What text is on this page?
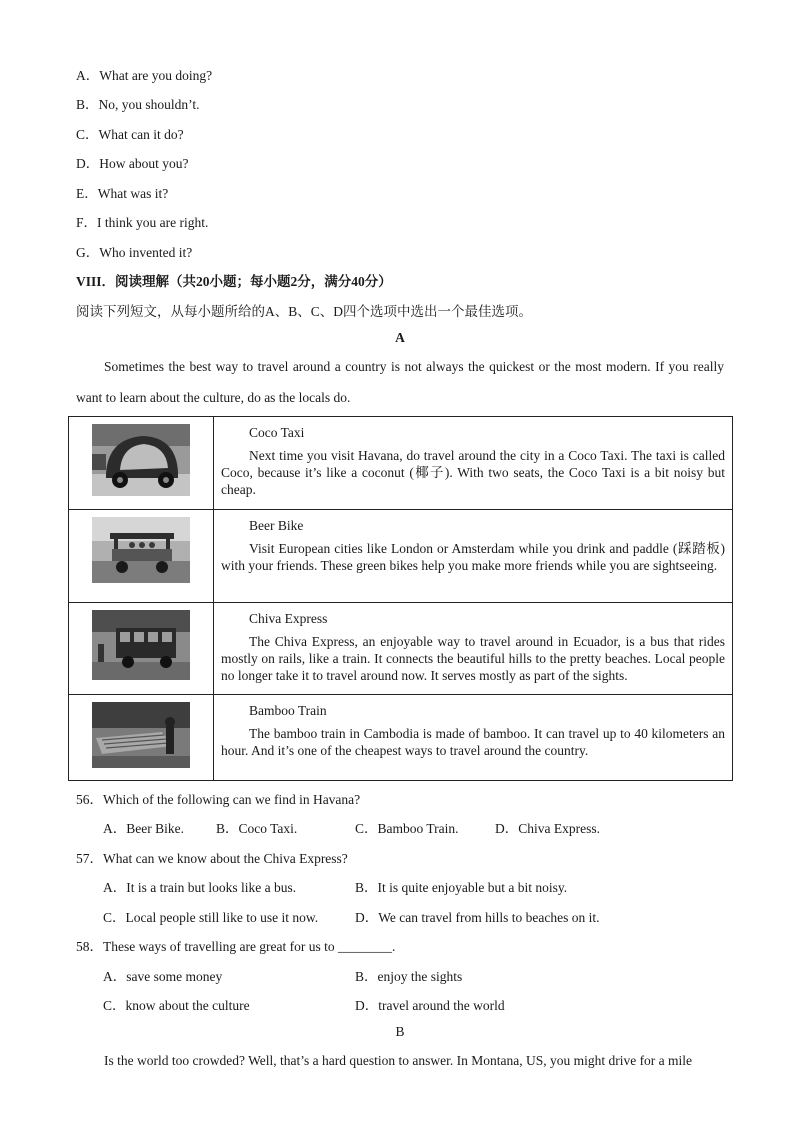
A．What are you doing?
B．No, you shouldn’t.
C．What can it do?
D．How about you?
E．What was it?
F．I think you are right.
G．Who invented it?
VIII．阅读理解（共20小题；每小题2分，满分40分）
阅读下列短文，从每小题所给的A、B、C、D四个选项中选出一个最佳选项。
A
Sometimes the best way to travel around a country is not always the quickest or the most modern. If you really want to learn about the culture, do as the locals do.

Coco Taxi
Next time you visit Havana, do travel around the city in a Coco Taxi. The taxi is called Coco, because it’s like a coconut (椰子). With two seats, the Coco Taxi is a bit noisy but cheap.

Beer Bike
Visit European cities like London or Amsterdam while you drink and paddle (踩踏板) with your friends. These green bikes help you make more friends while you are sightseeing.

Chiva Express
The Chiva Express, an enjoyable way to travel around in Ecuador, is a bus that rides mostly on rails, like a train. It connects the beautiful hills to the pretty beaches. Local people no longer take it to travel around now. It serves mostly as part of the sights.

Bamboo Train
The bamboo train in Cambodia is made of bamboo. It can travel up to 40 kilometers an hour. And it’s one of the cheapest ways to travel around the country.
56．Which of the following can we find in Havana?
A．Beer Bike. B．Coco Taxi.	C．Bamboo Train.	D．Chiva Express.
57．What can we know about the Chiva Express?
A．It is a train but looks like a bus.	B．It is quite enjoyable but a bit noisy.
C．Local people still like to use it now.	D．We can travel from hills to beaches on it.
58．These ways of travelling are great for us to ________.
A．save some money	B．enjoy the sights
C．know about the culture	D．travel around the world
B
Is the world too crowded? Well, that’s a hard question to answer. In Montana, US, you might drive for a mile
